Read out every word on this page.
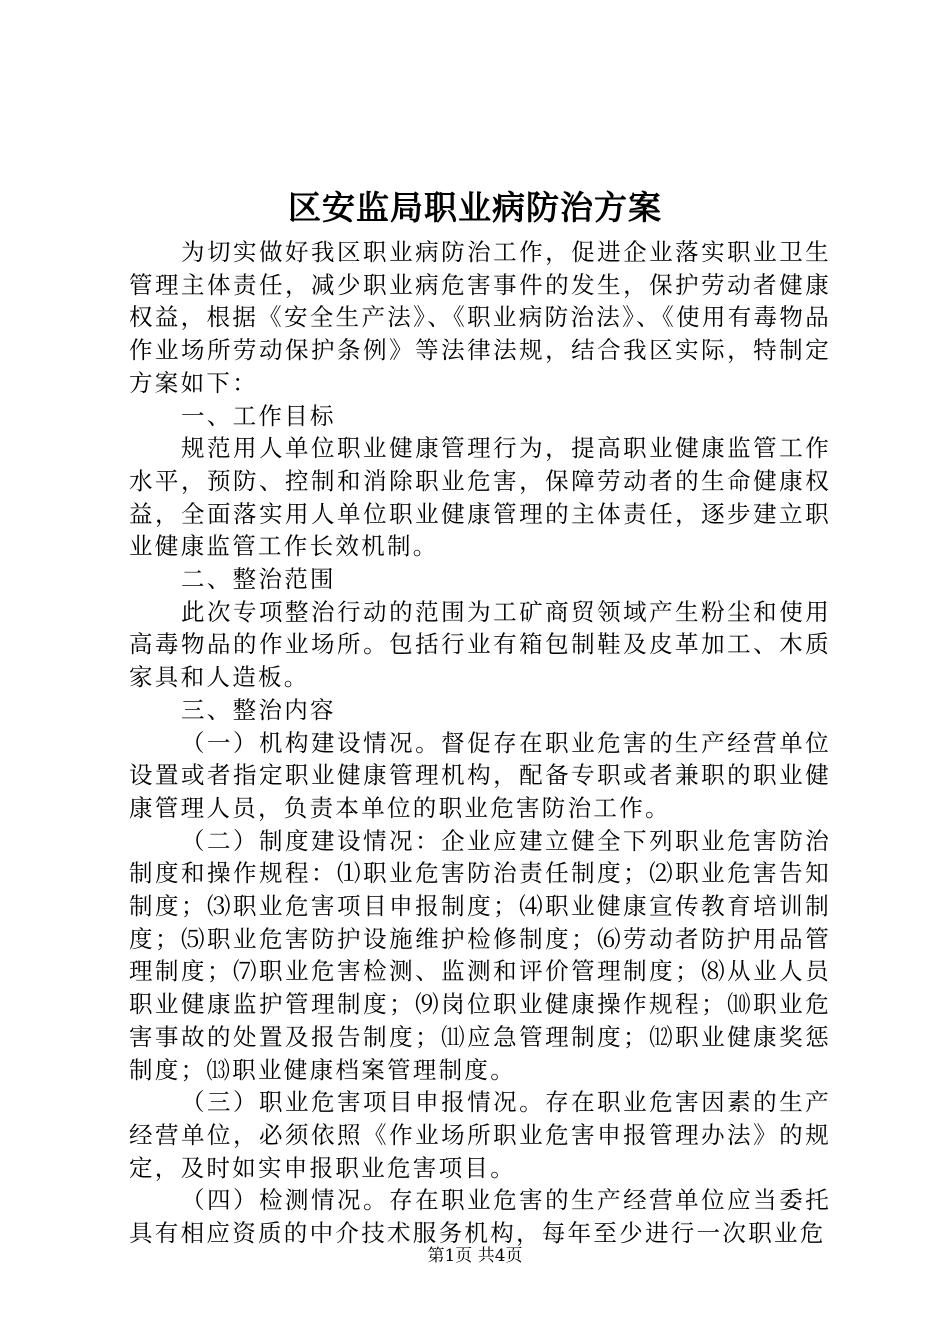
区安监局职业病防治方案

为切实做好我区职业病防治工作，促进企业落实职业卫生管理主体责任，减少职业病危害事件的发生，保护劳动者健康权益，根据《安全生产法》、《职业病防治法》、《使用有毒物品作业场所劳动保护条例》等法律法规，结合我区实际，特制定方案如下：

一、工作目标

规范用人单位职业健康管理行为，提高职业健康监管工作水平，预防、控制和消除职业危害，保障劳动者的生命健康权益，全面落实用人单位职业健康管理的主体责任，逐步建立职业健康监管工作长效机制。

二、整治范围

此次专项整治行动的范围为工矿商贸领域产生粉尘和使用高毒物品的作业场所。包括行业有箱包制鞋及皮革加工、木质家具和人造板。

三、整治内容

（一）机构建设情况。督促存在职业危害的生产经营单位设置或者指定职业健康管理机构，配备专职或者兼职的职业健康管理人员，负责本单位的职业危害防治工作。

（二）制度建设情况：企业应建立健全下列职业危害防治制度和操作规程：⑴职业危害防治责任制度；⑵职业危害告知制度；⑶职业危害项目申报制度；⑷职业健康宣传教育培训制度；⑸职业危害防护设施维护检修制度；⑹劳动者防护用品管理制度；⑺职业危害检测、监测和评价管理制度；⑻从业人员职业健康监护管理制度；⑼岗位职业健康操作规程；⑽职业危害事故的处置及报告制度；⑾应急管理制度；⑿职业健康奖惩制度；⒀职业健康档案管理制度。

（三）职业危害项目申报情况。存在职业危害因素的生产经营单位，必须依照《作业场所职业危害申报管理办法》的规定，及时如实申报职业危害项目。

（四）检测情况。存在职业危害的生产经营单位应当委托具有相应资质的中介技术服务机构，每年至少进行一次职业危

第1页 共4页
